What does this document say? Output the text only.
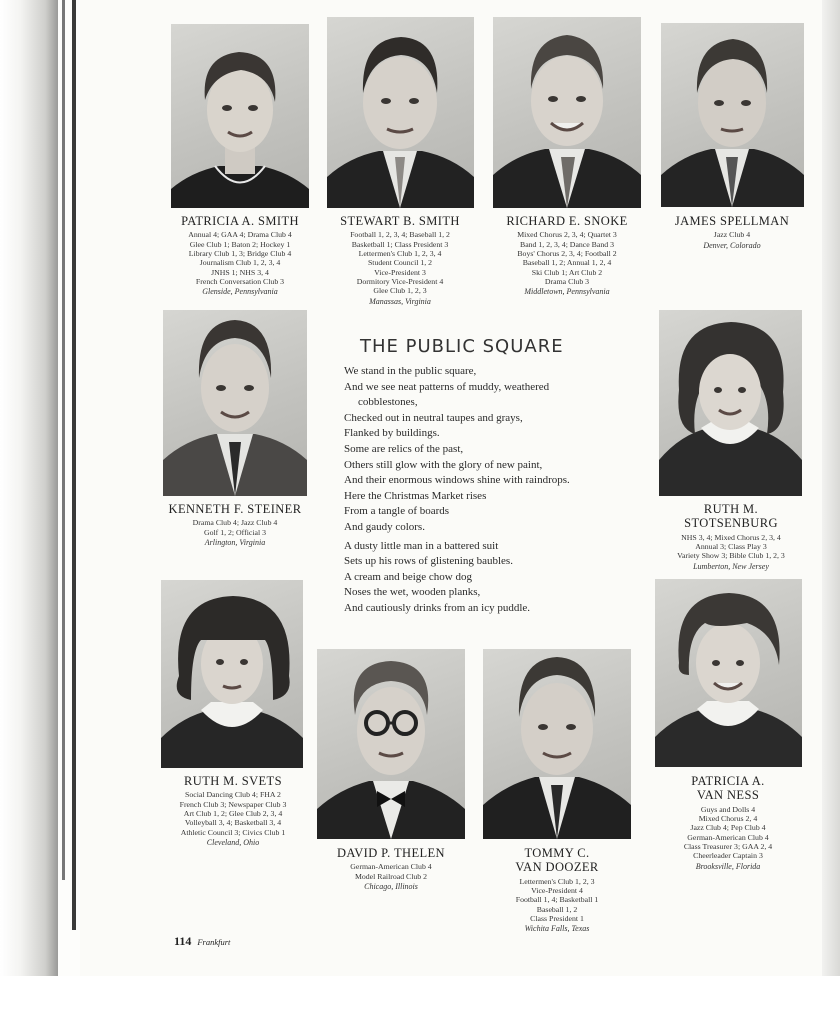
PATRICIA A. SMITH
Annual 4; GAA 4; Drama Club 4
Glee Club 1; Baton 2; Hockey 1
Library Club 1, 3; Bridge Club 4
Journalism Club 1, 2, 3, 4
JNHS 1; NHS 3, 4
French Conversation Club 3
Glenside, Pennsylvania
STEWART B. SMITH
Football 1, 2, 3, 4; Baseball 1, 2
Basketball 1; Class President 3
Lettermen's Club 1, 2, 3, 4
Student Council 1, 2
Vice-President 3
Dormitory Vice-President 4
Glee Club 1, 2, 3
Manassas, Virginia
RICHARD E. SNOKE
Mixed Chorus 2, 3, 4; Quartet 3
Band 1, 2, 3, 4; Dance Band 3
Boys' Chorus 2, 3, 4; Football 2
Baseball 1, 2; Annual 1, 2, 4
Ski Club 1; Art Club 2
Drama Club 3
Middletown, Pennsylvania
JAMES SPELLMAN
Jazz Club 4
Denver, Colorado
KENNETH F. STEINER
Drama Club 4; Jazz Club 4
Golf 1, 2; Official 3
Arlington, Virginia
RUTH M.
STOTSENBURG
NHS 3, 4; Mixed Chorus 2, 3, 4
Annual 3; Class Play 3
Variety Show 3; Bible Club 1, 2, 3
Lumberton, New Jersey
RUTH M. SVETS
Social Dancing Club 4; FHA 2
French Club 3; Newspaper Club 3
Art Club 1, 2; Glee Club 2, 3, 4
Volleyball 3, 4; Basketball 3, 4
Athletic Council 3; Civics Club 1
Cleveland, Ohio
DAVID P. THELEN
German-American Club 4
Model Railroad Club 2
Chicago, Illinois
TOMMY C.
VAN DOOZER
Lettermen's Club 1, 2, 3
Vice-President 4
Football 1, 4; Basketball 1
Baseball 1, 2
Class President 1
Wichita Falls, Texas
PATRICIA A.
VAN NESS
Guys and Dolls 4
Mixed Chorus 2, 4
Jazz Club 4; Pep Club 4
German-American Club 4
Class Treasurer 3; GAA 2, 4
Cheerleader Captain 3
Brooksville, Florida
THE PUBLIC SQUARE
We stand in the public square,
And we see neat patterns of muddy, weathered
cobblestones,
Checked out in neutral taupes and grays,
Flanked by buildings.
Some are relics of the past,
Others still glow with the glory of new paint,
And their enormous windows shine with raindrops.
Here the Christmas Market rises
From a tangle of boards
And gaudy colors.
A dusty little man in a battered suit
Sets up his rows of glistening baubles.
A cream and beige chow dog
Noses the wet, wooden planks,
And cautiously drinks from an icy puddle.
114 Frankfurt
